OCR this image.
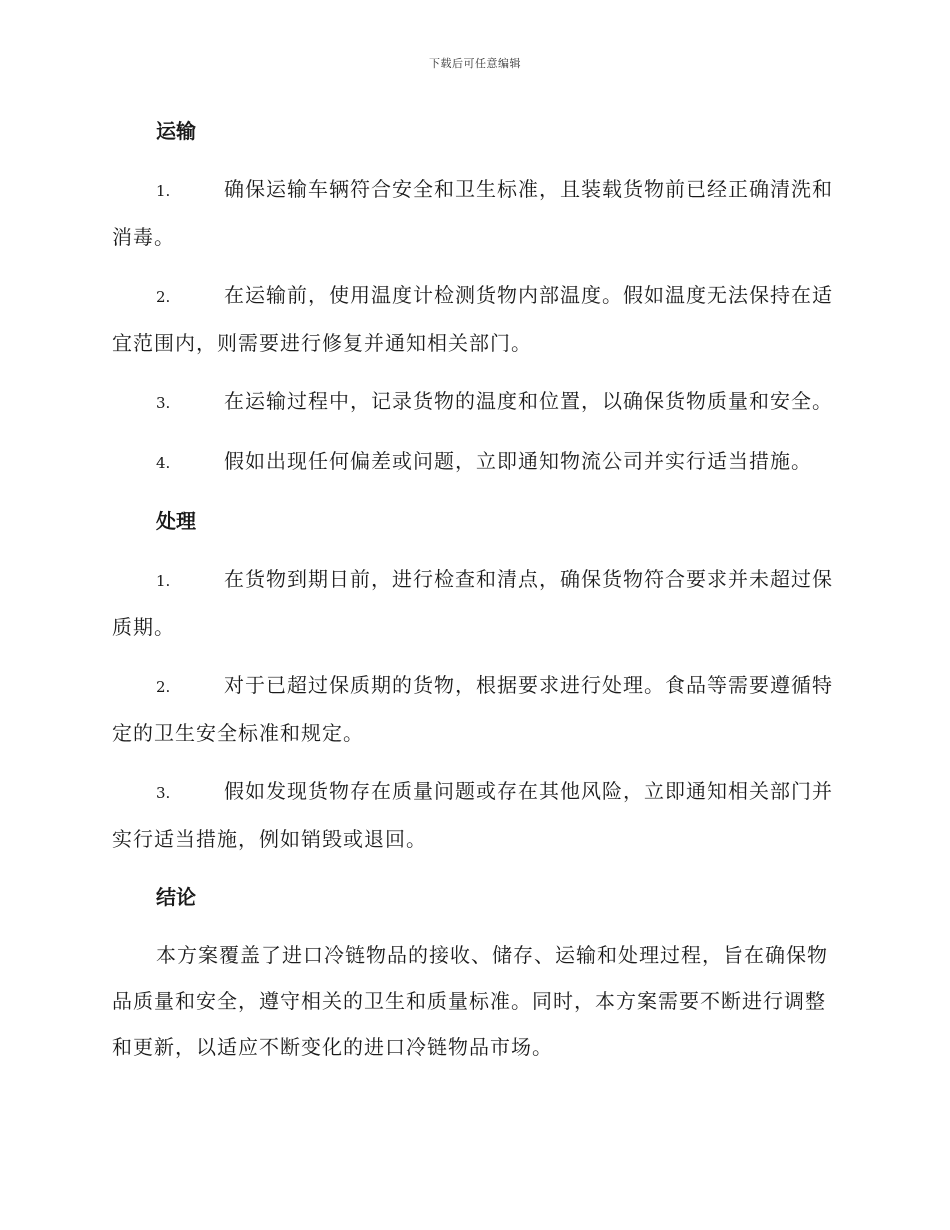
下载后可任意编辑
运输

1.	确保运输车辆符合安全和卫生标准，且装载货物前已经正确清洗和消毒。

2.	在运输前，使用温度计检测货物内部温度。假如温度无法保持在适宜范围内，则需要进行修复并通知相关部门。

3.	在运输过程中，记录货物的温度和位置，以确保货物质量和安全。

4.	假如出现任何偏差或问题，立即通知物流公司并实行适当措施。

处理

1.	在货物到期日前，进行检查和清点，确保货物符合要求并未超过保质期。

2.	对于已超过保质期的货物，根据要求进行处理。食品等需要遵循特定的卫生安全标准和规定。

3.	假如发现货物存在质量问题或存在其他风险，立即通知相关部门并实行适当措施，例如销毁或退回。

结论

本方案覆盖了进口冷链物品的接收、储存、运输和处理过程，旨在确保物品质量和安全，遵守相关的卫生和质量标准。同时，本方案需要不断进行调整和更新，以适应不断变化的进口冷链物品市场。
